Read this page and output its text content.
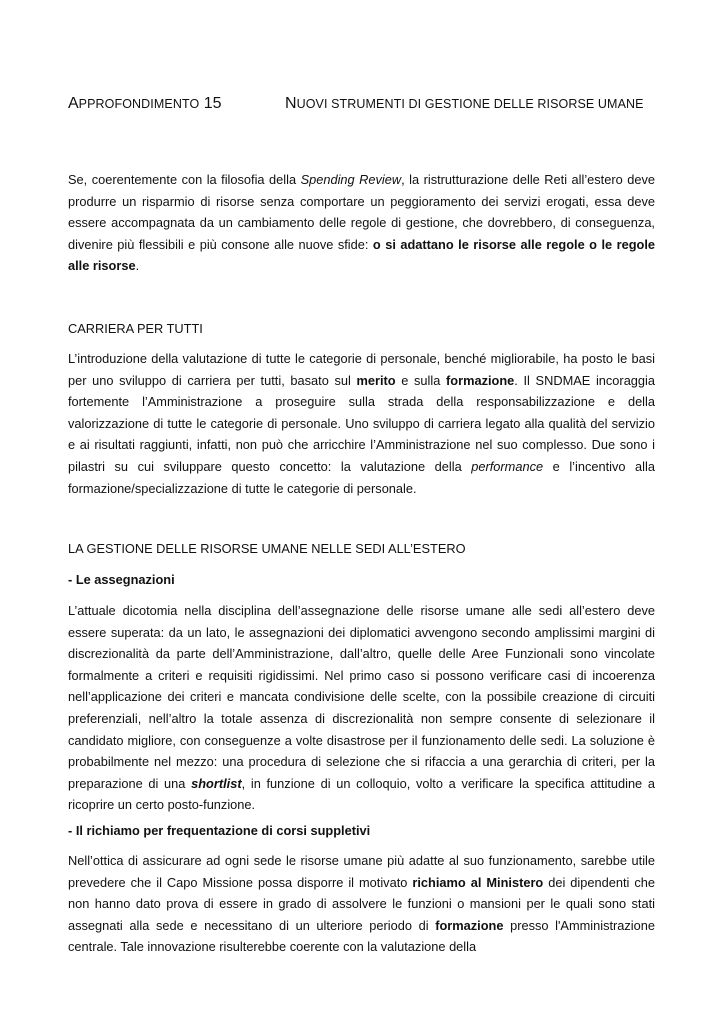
APPROFONDIMENTO 15	NUOVI STRUMENTI DI GESTIONE DELLE RISORSE UMANE

Se, coerentemente con la filosofia della Spending Review, la ristrutturazione delle Reti all’estero deve produrre un risparmio di risorse senza comportare un peggioramento dei servizi erogati, essa deve essere accompagnata da un cambiamento delle regole di gestione, che dovrebbero, di conseguenza, divenire più flessibili e più consone alle nuove sfide: o si adattano le risorse alle regole o le regole alle risorse.

CARRIERA PER TUTTI

L’introduzione della valutazione di tutte le categorie di personale, benché migliorabile, ha posto le basi per uno sviluppo di carriera per tutti, basato sul merito e sulla formazione. Il SNDMAE incoraggia fortemente l’Amministrazione a proseguire sulla strada della responsabilizzazione e della valorizzazione di tutte le categorie di personale. Uno sviluppo di carriera legato alla qualità del servizio e ai risultati raggiunti, infatti, non può che arricchire l’Amministrazione nel suo complesso. Due sono i pilastri su cui sviluppare questo concetto: la valutazione della performance e l’incentivo alla formazione/specializzazione di tutte le categorie di personale.

LA GESTIONE DELLE RISORSE UMANE NELLE SEDI ALL’ESTERO

- Le assegnazioni

L’attuale dicotomia nella disciplina dell’assegnazione delle risorse umane alle sedi all’estero deve essere superata: da un lato, le assegnazioni dei diplomatici avvengono secondo amplissimi margini di discrezionalità da parte dell’Amministrazione, dall’altro, quelle delle Aree Funzionali sono vincolate formalmente a criteri e requisiti rigidissimi. Nel primo caso si possono verificare casi di incoerenza nell’applicazione dei criteri e mancata condivisione delle scelte, con la possibile creazione di circuiti preferenziali, nell’altro la totale assenza di discrezionalità non sempre consente di selezionare il candidato migliore, con conseguenze a volte disastrose per il funzionamento delle sedi. La soluzione è probabilmente nel mezzo: una procedura di selezione che si rifaccia a una gerarchia di criteri, per la preparazione di una shortlist, in funzione di un colloquio, volto a verificare la specifica attitudine a ricoprire un certo posto-funzione.

- Il richiamo per frequentazione di corsi suppletivi

Nell’ottica di assicurare ad ogni sede le risorse umane più adatte al suo funzionamento, sarebbe utile prevedere che il Capo Missione possa disporre il motivato richiamo al Ministero dei dipendenti che non hanno dato prova di essere in grado di assolvere le funzioni o mansioni per le quali sono stati assegnati alla sede e necessitano di un ulteriore periodo di formazione presso l'Amministrazione centrale. Tale innovazione risulterebbe coerente con la valutazione della
